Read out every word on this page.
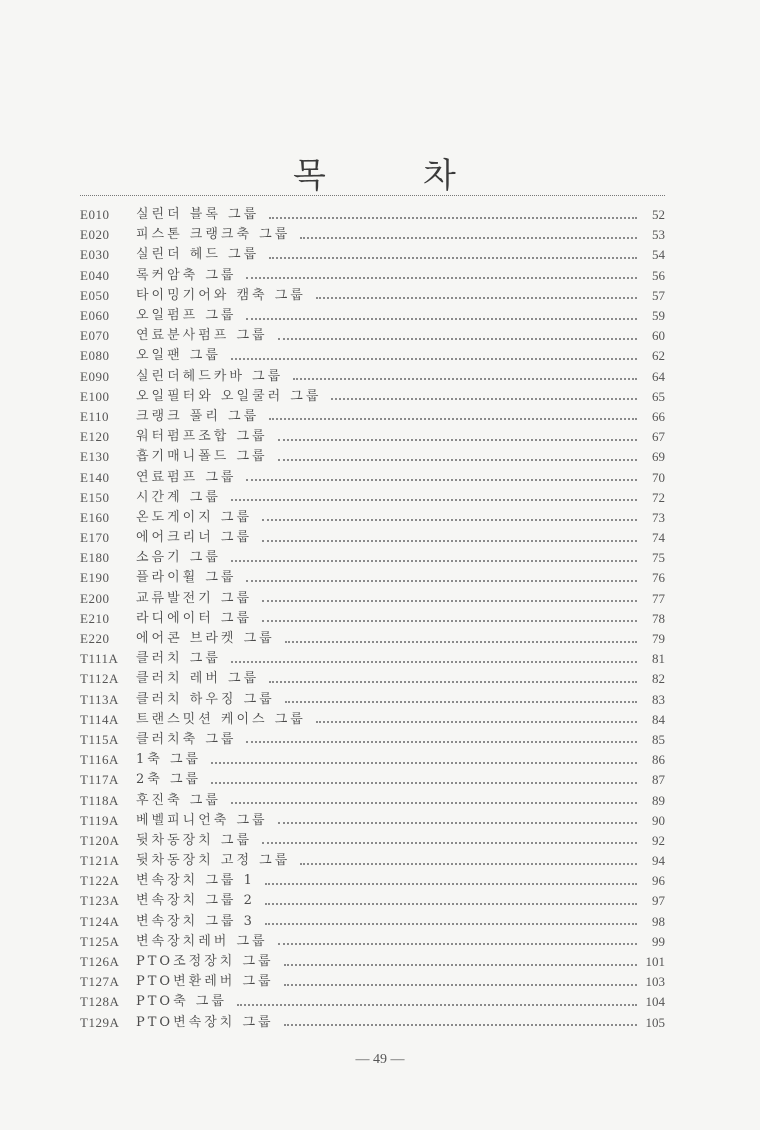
목	차
E010	실린더 블록 그룹	52
E020	피스톤 크랭크축 그룹	53
E030	실린더 헤드 그룹	54
E040	록커암축 그룹	56
E050	타이밍기어와 캠축 그룹	57
E060	오일펌프 그룹	59
E070	연료분사펌프 그룹	60
E080	오일팬 그룹	62
E090	실린더헤드카바 그룹	64
E100	오일필터와 오일쿨러 그룹	65
E110	크랭크 풀리 그룹	66
E120	워터펌프조합 그룹	67
E130	흡기매니폴드 그룹	69
E140	연료펌프 그룹	70
E150	시간계 그룹	72
E160	온도게이지 그룹	73
E170	에어크리너 그룹	74
E180	소음기 그룹	75
E190	플라이휠 그룹	76
E200	교류발전기 그룹	77
E210	라디에이터 그룹	78
E220	에어콘 브라켓 그룹	79
T111A	클러치 그룹	81
T112A	클러치 레버 그룹	82
T113A	클러치 하우징 그룹	83
T114A	트랜스밋션 케이스 그룹	84
T115A	클러치축 그룹	85
T116A	1축 그룹	86
T117A	2축 그룹	87
T118A	후진축 그룹	89
T119A	베벨피니언축 그룹	90
T120A	뒷차동장치 그룹	92
T121A	뒷차동장치 고정 그룹	94
T122A	변속장치 그룹 1	96
T123A	변속장치 그룹 2	97
T124A	변속장치 그룹 3	98
T125A	변속장치레버 그룹	99
T126A	PTO조정장치 그룹	101
T127A	PTO변환레버 그룹	103
T128A	PTO축 그룹	104
T129A	PTO변속장치 그룹	105
— 49 —
